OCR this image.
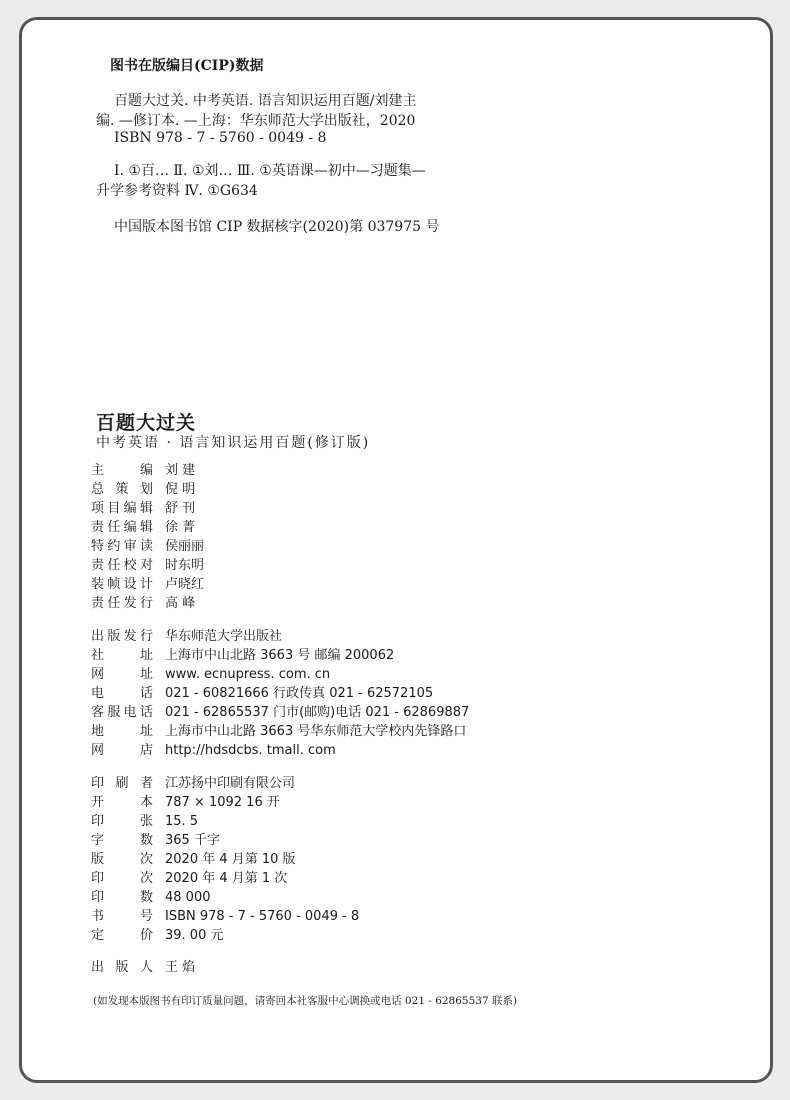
图书在版编目(CIP)数据
百题大过关. 中考英语. 语言知识运用百题/刘建主
编. —修订本. —上海：华东师范大学出版社，2020
ISBN 978 - 7 - 5760 - 0049 - 8
Ⅰ. ①百… Ⅱ. ①刘… Ⅲ. ①英语课—初中—习题集—
升学参考资料 Ⅳ. ①G634
中国版本图书馆 CIP 数据核字(2020)第 037975 号
百题大过关
中考英语 · 语言知识运用百题(修订版)
主编 刘 建
总策划 倪 明
项目编辑 舒 刊
责任编辑 徐 菁
特约审读 侯丽丽
责任校对 时东明
装帧设计 卢晓红
责任发行 高 峰
出版发行 华东师范大学出版社
社址 上海市中山北路 3663 号 邮编 200062
网址 www. ecnupress. com. cn
电话 021 - 60821666 行政传真 021 - 62572105
客服电话 021 - 62865537 门市(邮购)电话 021 - 62869887
地址 上海市中山北路 3663 号华东师范大学校内先锋路口
网店 http://hdsdcbs. tmall. com
印刷者 江苏扬中印刷有限公司
开本 787 × 1092 16 开
印张 15. 5
字数 365 千字
版次 2020 年 4 月第 10 版
印次 2020 年 4 月第 1 次
印数 48 000
书号 ISBN 978 - 7 - 5760 - 0049 - 8
定价 39. 00 元
出版人 王 焰
(如发现本版图书有印订质量问题，请寄回本社客服中心调换或电话 021 - 62865537 联系)
